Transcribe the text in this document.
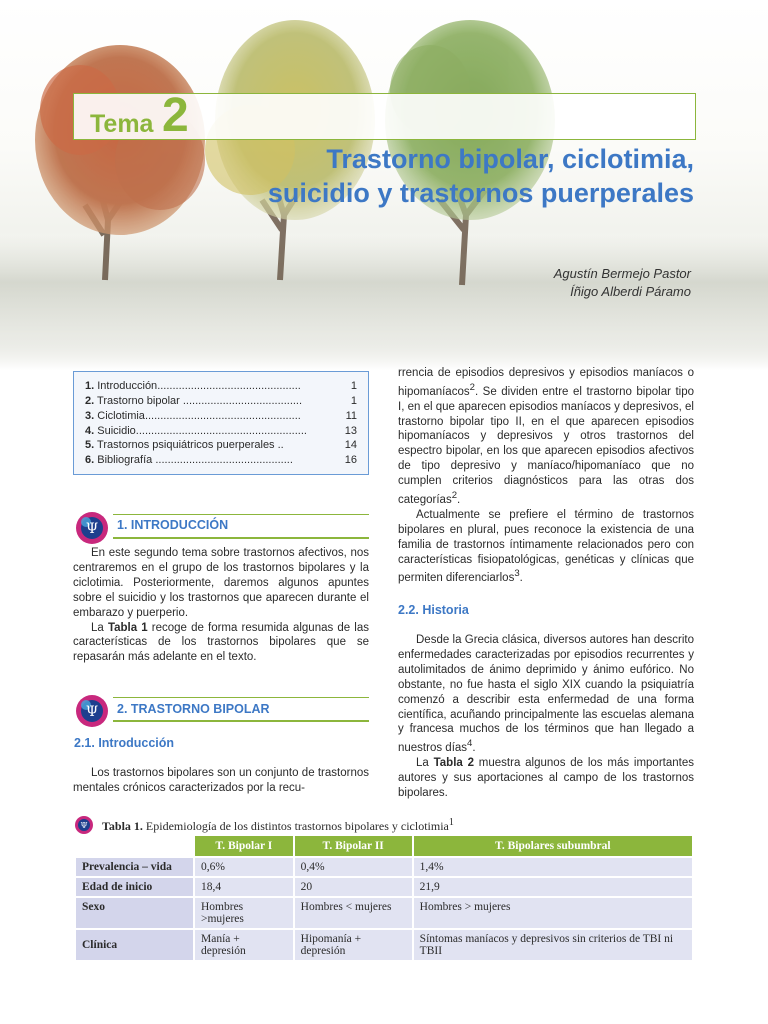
Tema 2
Trastorno bipolar, ciclotimia,
suicidio y trastornos puerperales
Agustín Bermejo Pastor
Íñigo Alberdi Páramo
1. Introducción...............................................	1
2. Trastorno bipolar .......................................	1
3. Ciclotimia...................................................	11
4. Suicidio........................................................	13
5. Trastornos psiquiátricos puerperales ..	14
6. Bibliografía .............................................	16
Ψ 1. INTRODUCCIÓN

En este segundo tema sobre trastornos afectivos, nos centraremos en el grupo de los trastornos bipolares y la ciclotimia. Posteriormente, daremos algunos apuntes sobre el suicidio y los trastornos que aparecen durante el embarazo y puerperio.

La Tabla 1 recoge de forma resumida algunas de las características de los trastornos bipolares que se repasarán más adelante en el texto.

Ψ 2. TRASTORNO BIPOLAR
2.1. Introducción

Los trastornos bipolares son un conjunto de trastornos mentales crónicos caracterizados por la recu-

rrencia de episodios depresivos y episodios maníacos o hipomaníacos$^2$. Se dividen entre el trastorno bipolar tipo I, en el que aparecen episodios maníacos y depresivos, el trastorno bipolar tipo II, en el que aparecen episodios hipomaníacos y depresivos y otros trastornos del espectro bipolar, en los que aparecen episodios afectivos de tipo depresivo y maníaco/hipomaníaco que no cumplen criterios diagnósticos para las otras dos categorías$^2$.

Actualmente se prefiere el término de trastornos bipolares en plural, pues reconoce la existencia de una familia de trastornos íntimamente relacionados pero con características fisiopatológicas, genéticas y clínicas que permiten diferenciarlos$^3$.

2.2. Historia

Desde la Grecia clásica, diversos autores han descrito enfermedades caracterizadas por episodios recurrentes y autolimitados de ánimo deprimido y ánimo eufórico. No obstante, no fue hasta el siglo XIX cuando la psiquiatría comenzó a describir esta enfermedad de una forma científica, acuñando principalmente las escuelas alemana y francesa muchos de los términos que han llegado a nuestros días$^4$.

La Tabla 2 muestra algunos de los más importantes autores y sus aportaciones al campo de los trastornos bipolares.

Ψ Tabla 1. Epidemiología de los distintos trastornos bipolares y ciclotimia$^1$
	T. Bipolar I	T. Bipolar II	T. Bipolares subumbral
Prevalencia – vida	0,6%	0,4%	1,4%
Edad de inicio	18,4	20	21,9
Sexo	Hombres >mujeres	Hombres < mujeres	Hombres > mujeres
Clínica	Manía + depresión	Hipomanía + depresión	Síntomas maníacos y depresivos sin criterios de TBI ni TBII
